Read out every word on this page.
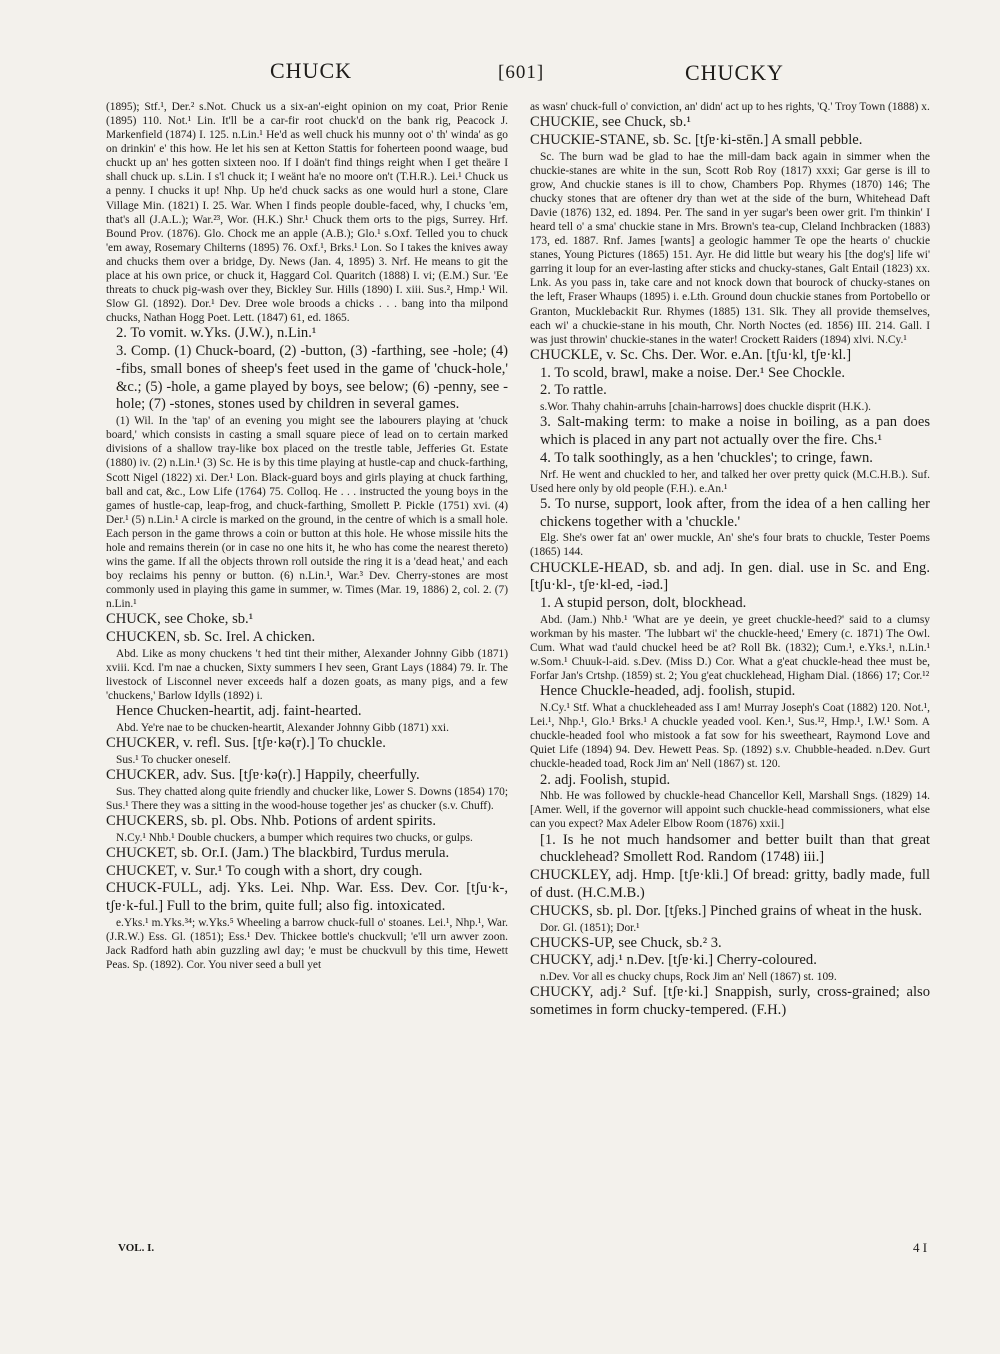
CHUCK	[601]	CHUCKY

(1895); Stf.¹, Der.² s.Not. Chuck us a six-an'-eight opinion on my coat, Prior Renie (1895) 110. Not.¹ Lin. It'll be a car-fir root chuck'd on the bank rig, Peacock J. Markenfield (1874) I. 125. n.Lin.¹ He'd as well chuck his munny oot o' th' winda' as go on drinkin' e' this how. He let his sen at Ketton Stattis for foherteen poond waage, bud chuckt up an' hes gotten sixteen noo. If I doän't find things reight when I get theäre I shall chuck up. s.Lin. I s'l chuck it; I weänt ha'e no moore on't (T.H.R.). Lei.¹ Chuck us a penny. I chucks it up! Nhp. Up he'd chuck sacks as one would hurl a stone, Clare Village Min. (1821) I. 25. War. When I finds people double-faced, why, I chucks 'em, that's all (J.A.L.); War.²³, Wor. (H.K.) Shr.¹ Chuck them orts to the pigs, Surrey. Hrf. Bound Prov. (1876). Glo. Chock me an apple (A.B.); Glo.¹ s.Oxf. Telled you to chuck 'em away, Rosemary Chilterns (1895) 76. Oxf.¹, Brks.¹ Lon. So I takes the knives away and chucks them over a bridge, Dy. News (Jan. 4, 1895) 3. Nrf. He means to git the place at his own price, or chuck it, Haggard Col. Quaritch (1888) I. vi; (E.M.) Sur. 'Ee threats to chuck pig-wash over they, Bickley Sur. Hills (1890) I. xiii. Sus.², Hmp.¹ Wil. Slow Gl. (1892). Dor.¹ Dev. Dree wole broods a chicks . . . bang into tha milpond chucks, Nathan Hogg Poet. Lett. (1847) 61, ed. 1865.

2. To vomit. w.Yks. (J.W.), n.Lin.¹

3. Comp. (1) Chuck-board, (2) -button, (3) -farthing, see -hole; (4) -fibs, small bones of sheep's feet used in the game of 'chuck-hole,' &c.; (5) -hole, a game played by boys, see below; (6) -penny, see -hole; (7) -stones, stones used by children in several games.

(1) Wil. In the 'tap' of an evening you might see the labourers playing at 'chuck board,' which consists in casting a small square piece of lead on to certain marked divisions of a shallow tray-like box placed on the trestle table, Jefferies Gt. Estate (1880) iv. (2) n.Lin.¹ (3) Sc. He is by this time playing at hustle-cap and chuck-farthing, Scott Nigel (1822) xi. Der.¹ Lon. Black-guard boys and girls playing at chuck farthing, ball and cat, &c., Low Life (1764) 75. Colloq. He . . . instructed the young boys in the games of hustle-cap, leap-frog, and chuck-farthing, Smollett P. Pickle (1751) xvi. (4) Der.¹ (5) n.Lin.¹ A circle is marked on the ground, in the centre of which is a small hole. Each person in the game throws a coin or button at this hole. He whose missile hits the hole and remains therein (or in case no one hits it, he who has come the nearest thereto) wins the game. If all the objects thrown roll outside the ring it is a 'dead heat,' and each boy reclaims his penny or button. (6) n.Lin.¹, War.³ Dev. Cherry-stones are most commonly used in playing this game in summer, w. Times (Mar. 19, 1886) 2, col. 2. (7) n.Lin.¹

CHUCK, see Choke, sb.¹

CHUCKEN, sb. Sc. Irel. A chicken.

Abd. Like as mony chuckens 't hed tint their mither, Alexander Johnny Gibb (1871) xviii. Kcd. I'm nae a chucken, Sixty summers I hev seen, Grant Lays (1884) 79. Ir. The livestock of Lisconnel never exceeds half a dozen goats, as many pigs, and a few 'chuckens,' Barlow Idylls (1892) i.

Hence Chucken-heartit, adj. faint-hearted.

Abd. Ye're nae to be chucken-heartit, Alexander Johnny Gibb (1871) xxi.

CHUCKER, v. refl. Sus. [tʃɐ·kə(r).] To chuckle.

Sus.¹ To chucker oneself.

CHUCKER, adv. Sus. [tʃɐ·kə(r).] Happily, cheerfully.

Sus. They chatted along quite friendly and chucker like, Lower S. Downs (1854) 170; Sus.¹ There they was a sitting in the wood-house together jes' as chucker (s.v. Chuff).

CHUCKERS, sb. pl. Obs. Nhb. Potions of ardent spirits.

N.Cy.¹ Nhb.¹ Double chuckers, a bumper which requires two chucks, or gulps.

CHUCKET, sb. Or.I. (Jam.) The blackbird, Turdus merula.

CHUCKET, v. Sur.¹ To cough with a short, dry cough.

CHUCK-FULL, adj. Yks. Lei. Nhp. War. Ess. Dev. Cor. [tʃu·k-, tʃɐ·k-ful.] Full to the brim, quite full; also fig. intoxicated.

e.Yks.¹ m.Yks.³⁴; w.Yks.⁵ Wheeling a barrow chuck-full o' stoanes. Lei.¹, Nhp.¹, War. (J.R.W.) Ess. Gl. (1851); Ess.¹ Dev. Thickee bottle's chuckvull; 'e'll urn awver zoon. Jack Radford hath abin guzzling awl day; 'e must be chuckvull by this time, Hewett Peas. Sp. (1892). Cor. You niver seed a bull yet

as wasn' chuck-full o' conviction, an' didn' act up to hes rights, 'Q.' Troy Town (1888) x.

CHUCKIE, see Chuck, sb.¹

CHUCKIE-STANE, sb. Sc. [tʃɐ·ki-stēn.] A small pebble.

Sc. The burn wad be glad to hae the mill-dam back again in simmer when the chuckie-stanes are white in the sun, Scott Rob Roy (1817) xxxi; Gar gerse is ill to grow, And chuckie stanes is ill to chow, Chambers Pop. Rhymes (1870) 146; The chucky stones that are oftener dry than wet at the side of the burn, Whitehead Daft Davie (1876) 132, ed. 1894. Per. The sand in yer sugar's been ower grit. I'm thinkin' I heard tell o' a sma' chuckie stane in Mrs. Brown's tea-cup, Cleland Inchbracken (1883) 173, ed. 1887. Rnf. James [wants] a geologic hammer Te ope the hearts o' chuckie stanes, Young Pictures (1865) 151. Ayr. He did little but weary his [the dog's] life wi' garring it loup for an ever-lasting after sticks and chucky-stanes, Galt Entail (1823) xx. Lnk. As you pass in, take care and not knock down that bourock of chucky-stanes on the left, Fraser Whaups (1895) i. e.Lth. Ground doun chuckie stanes from Portobello or Granton, Mucklebackit Rur. Rhymes (1885) 131. Slk. They all provide themselves, each wi' a chuckie-stane in his mouth, Chr. North Noctes (ed. 1856) III. 214. Gall. I was just throwin' chuckie-stanes in the water! Crockett Raiders (1894) xlvi. N.Cy.¹

CHUCKLE, v. Sc. Chs. Der. Wor. e.An. [tʃu·kl, tʃɐ·kl.]

1. To scold, brawl, make a noise. Der.¹ See Chockle.

2. To rattle.

s.Wor. Thahy chahin-arruhs [chain-harrows] does chuckle disprit (H.K.).

3. Salt-making term: to make a noise in boiling, as a pan does which is placed in any part not actually over the fire. Chs.¹

4. To talk soothingly, as a hen 'chuckles'; to cringe, fawn.

Nrf. He went and chuckled to her, and talked her over pretty quick (M.C.H.B.). Suf. Used here only by old people (F.H.). e.An.¹

5. To nurse, support, look after, from the idea of a hen calling her chickens together with a 'chuckle.'

Elg. She's ower fat an' ower muckle, An' she's four brats to chuckle, Tester Poems (1865) 144.

CHUCKLE-HEAD, sb. and adj. In gen. dial. use in Sc. and Eng. [tʃu·kl-, tʃɐ·kl-ed, -iəd.]

1. A stupid person, dolt, blockhead.

Abd. (Jam.) Nhb.¹ 'What are ye deein, ye greet chuckle-heed?' said to a clumsy workman by his master. 'The lubbart wi' the chuckle-heed,' Emery (c. 1871) The Owl. Cum. What wad t'auld chuckel heed be at? Roll Bk. (1832); Cum.¹, e.Yks.¹, n.Lin.¹ w.Som.¹ Chuuk-l-aid. s.Dev. (Miss D.) Cor. What a g'eat chuckle-head thee must be, Forfar Jan's Crtshp. (1859) st. 2; You g'eat chucklehead, Higham Dial. (1866) 17; Cor.¹²

Hence Chuckle-headed, adj. foolish, stupid.

N.Cy.¹ Stf. What a chuckleheaded ass I am! Murray Joseph's Coat (1882) 120. Not.¹, Lei.¹, Nhp.¹, Glo.¹ Brks.¹ A chuckle yeaded vool. Ken.¹, Sus.¹², Hmp.¹, I.W.¹ Som. A chuckle-headed fool who mistook a fat sow for his sweetheart, Raymond Love and Quiet Life (1894) 94. Dev. Hewett Peas. Sp. (1892) s.v. Chubble-headed. n.Dev. Gurt chuckle-headed toad, Rock Jim an' Nell (1867) st. 120.

2. adj. Foolish, stupid.

Nhb. He was followed by chuckle-head Chancellor Kell, Marshall Sngs. (1829) 14. [Amer. Well, if the governor will appoint such chuckle-head commissioners, what else can you expect? Max Adeler Elbow Room (1876) xxii.]

[1. Is he not much handsomer and better built than that great chucklehead? Smollett Rod. Random (1748) iii.]

CHUCKLEY, adj. Hmp. [tʃɐ·kli.] Of bread: gritty, badly made, full of dust. (H.C.M.B.)

CHUCKS, sb. pl. Dor. [tʃɐks.] Pinched grains of wheat in the husk.

Dor. Gl. (1851); Dor.¹

CHUCKS-UP, see Chuck, sb.² 3.

CHUCKY, adj.¹ n.Dev. [tʃɐ·ki.] Cherry-coloured.

n.Dev. Vor all es chucky chups, Rock Jim an' Nell (1867) st. 109.

CHUCKY, adj.² Suf. [tʃɐ·ki.] Snappish, surly, cross-grained; also sometimes in form chucky-tempered. (F.H.)

VOL. I.	4 I
